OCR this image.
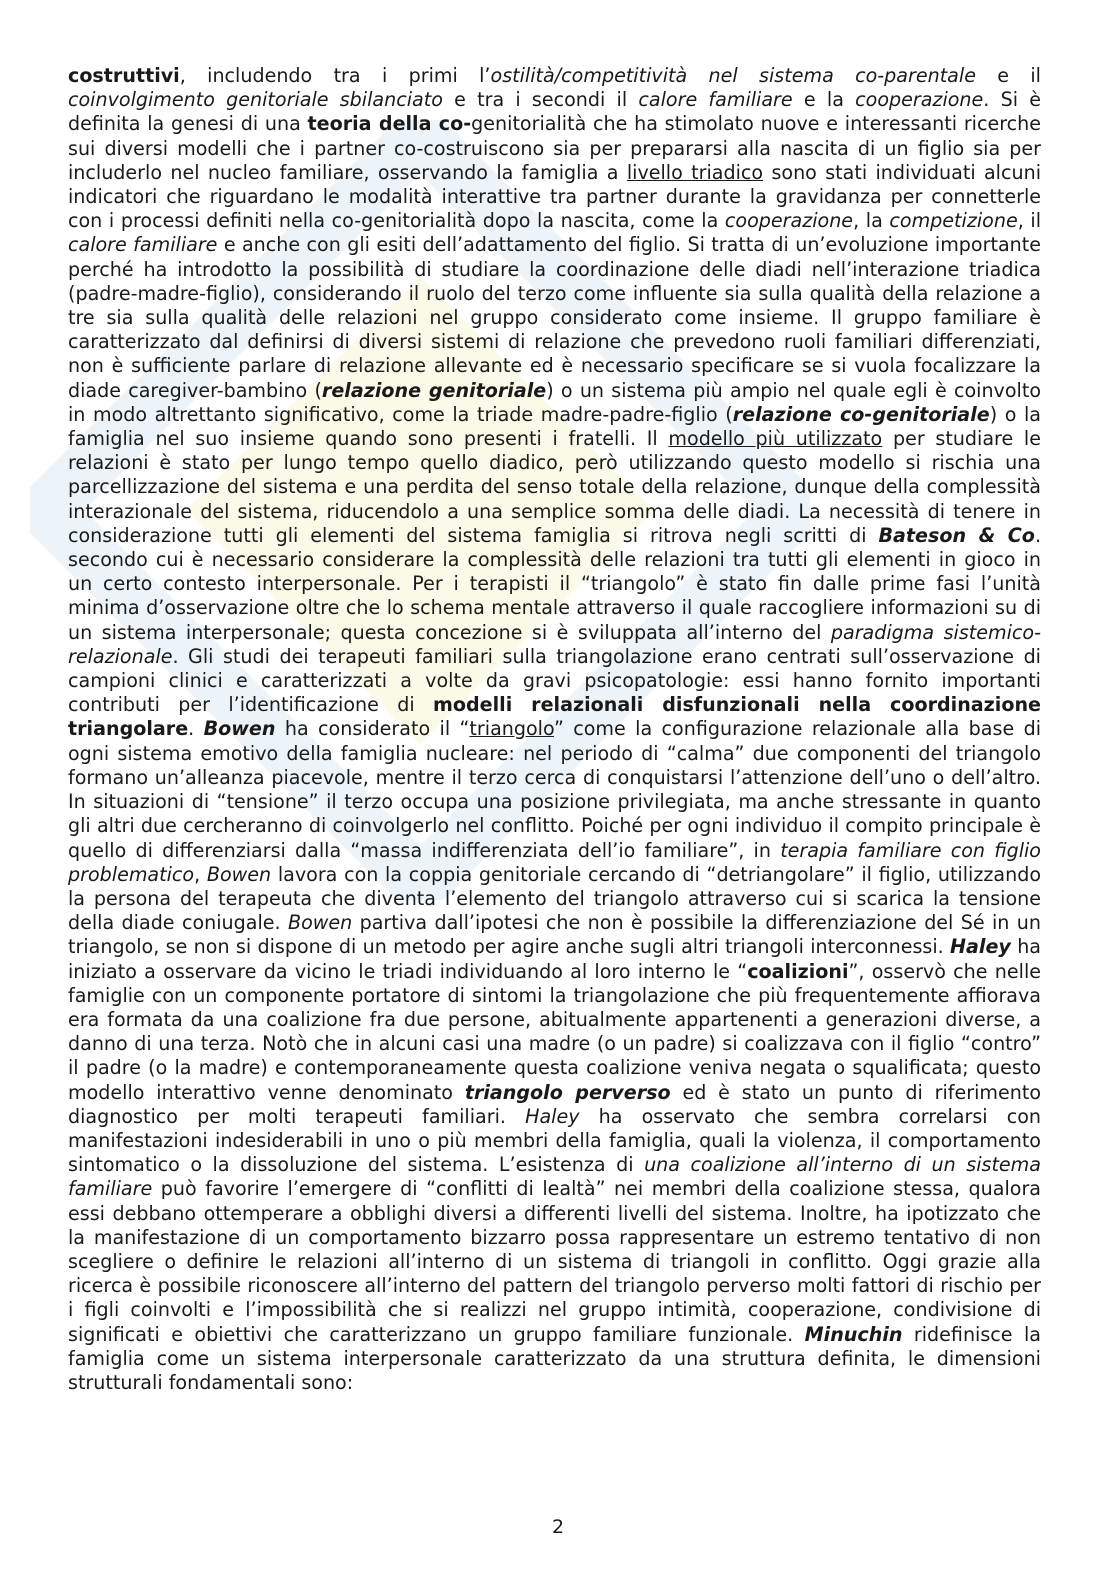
costruttivi, includendo tra i primi l’ostilità/competitività nel sistema co-parentale e il coinvolgimento genitoriale sbilanciato e tra i secondi il calore familiare e la cooperazione. Si è definita la genesi di una teoria della co-genitorialità che ha stimolato nuove e interessanti ricerche sui diversi modelli che i partner co-costruiscono sia per prepararsi alla nascita di un figlio sia per includerlo nel nucleo familiare, osservando la famiglia a livello triadico sono stati individuati alcuni indicatori che riguardano le modalità interattive tra partner durante la gravidanza per connetterle con i processi definiti nella co-genitorialità dopo la nascita, come la cooperazione, la competizione, il calore familiare e anche con gli esiti dell’adattamento del figlio. Si tratta di un’evoluzione importante perché ha introdotto la possibilità di studiare la coordinazione delle diadi nell’interazione triadica (padre-madre-figlio), considerando il ruolo del terzo come influente sia sulla qualità della relazione a tre sia sulla qualità delle relazioni nel gruppo considerato come insieme. Il gruppo familiare è caratterizzato dal definirsi di diversi sistemi di relazione che prevedono ruoli familiari differenziati, non è sufficiente parlare di relazione allevante ed è necessario specificare se si vuola focalizzare la diade caregiver-bambino (relazione genitoriale) o un sistema più ampio nel quale egli è coinvolto in modo altrettanto significativo, come la triade madre-padre-figlio (relazione co-genitoriale) o la famiglia nel suo insieme quando sono presenti i fratelli. Il modello più utilizzato per studiare le relazioni è stato per lungo tempo quello diadico, però utilizzando questo modello si rischia una parcellizzazione del sistema e una perdita del senso totale della relazione, dunque della complessità interazionale del sistema, riducendolo a una semplice somma delle diadi. La necessità di tenere in considerazione tutti gli elementi del sistema famiglia si ritrova negli scritti di Bateson & Co. secondo cui è necessario considerare la complessità delle relazioni tra tutti gli elementi in gioco in un certo contesto interpersonale. Per i terapisti il “triangolo” è stato fin dalle prime fasi l’unità minima d’osservazione oltre che lo schema mentale attraverso il quale raccogliere informazioni su di un sistema interpersonale; questa concezione si è sviluppata all’interno del paradigma sistemico-relazionale. Gli studi dei terapeuti familiari sulla triangolazione erano centrati sull’osservazione di campioni clinici e caratterizzati a volte da gravi psicopatologie: essi hanno fornito importanti contributi per l’identificazione di modelli relazionali disfunzionali nella coordinazione triangolare. Bowen ha considerato il “triangolo” come la configurazione relazionale alla base di ogni sistema emotivo della famiglia nucleare: nel periodo di “calma” due componenti del triangolo formano un’alleanza piacevole, mentre il terzo cerca di conquistarsi l’attenzione dell’uno o dell’altro. In situazioni di “tensione” il terzo occupa una posizione privilegiata, ma anche stressante in quanto gli altri due cercheranno di coinvolgerlo nel conflitto. Poiché per ogni individuo il compito principale è quello di differenziarsi dalla “massa indifferenziata dell’io familiare”, in terapia familiare con figlio problematico, Bowen lavora con la coppia genitoriale cercando di “detriangolare” il figlio, utilizzando la persona del terapeuta che diventa l’elemento del triangolo attraverso cui si scarica la tensione della diade coniugale. Bowen partiva dall’ipotesi che non è possibile la differenziazione del Sé in un triangolo, se non si dispone di un metodo per agire anche sugli altri triangoli interconnessi. Haley ha iniziato a osservare da vicino le triadi individuando al loro interno le “coalizioni”, osservò che nelle famiglie con un componente portatore di sintomi la triangolazione che più frequentemente affiorava era formata da una coalizione fra due persone, abitualmente appartenenti a generazioni diverse, a danno di una terza. Notò che in alcuni casi una madre (o un padre) si coalizzava con il figlio “contro” il padre (o la madre) e contemporaneamente questa coalizione veniva negata o squalificata; questo modello interattivo venne denominato triangolo perverso ed è stato un punto di riferimento diagnostico per molti terapeuti familiari. Haley ha osservato che sembra correlarsi con manifestazioni indesiderabili in uno o più membri della famiglia, quali la violenza, il comportamento sintomatico o la dissoluzione del sistema. L’esistenza di una coalizione all’interno di un sistema familiare può favorire l’emergere di “conflitti di lealtà” nei membri della coalizione stessa, qualora essi debbano ottemperare a obblighi diversi a differenti livelli del sistema. Inoltre, ha ipotizzato che la manifestazione di un comportamento bizzarro possa rappresentare un estremo tentativo di non scegliere o definire le relazioni all’interno di un sistema di triangoli in conflitto. Oggi grazie alla ricerca è possibile riconoscere all’interno del pattern del triangolo perverso molti fattori di rischio per i figli coinvolti e l’impossibilità che si realizzi nel gruppo intimità, cooperazione, condivisione di significati e obiettivi che caratterizzano un gruppo familiare funzionale. Minuchin ridefinisce la famiglia come un sistema interpersonale caratterizzato da una struttura definita, le dimensioni strutturali fondamentali sono:

2
